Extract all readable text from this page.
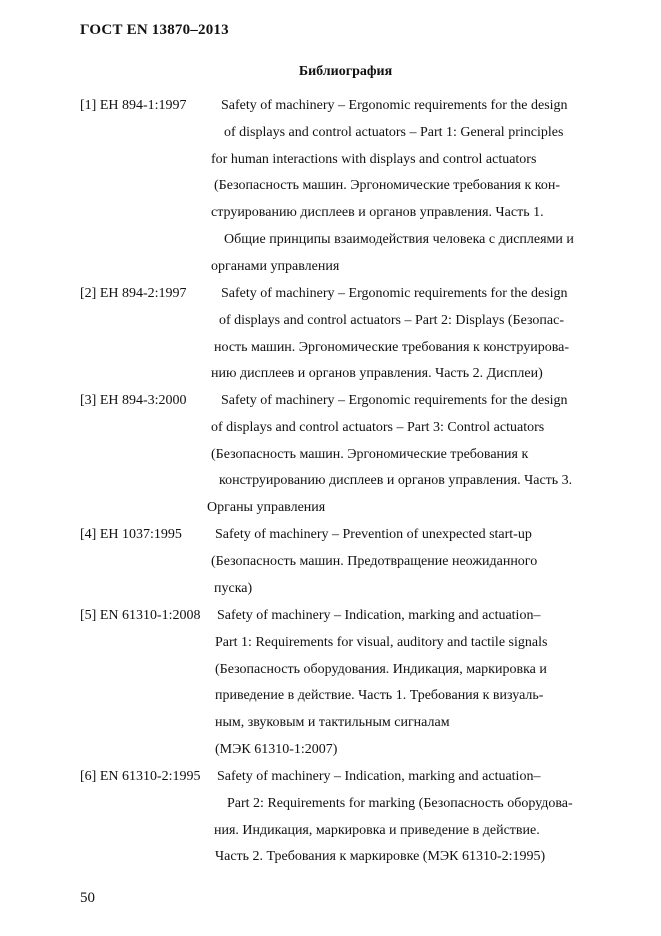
ГОСТ EN 13870–2013
Библиография
[1] EH 894-1:1997 Safety of machinery – Ergonomic requirements for the design
of displays and control actuators – Part 1: General principles
for human interactions with displays and control actuators
(Безопасность машин. Эргономические требования к кон-
струированию дисплеев и органов управления. Часть 1.
Общие принципы взаимодействия человека с дисплеями и
органами управления
[2] EH 894-2:1997 Safety of machinery – Ergonomic requirements for the design
of displays and control actuators – Part 2: Displays (Безопас-
ность машин. Эргономические требования к конструирова-
нию дисплеев и органов управления. Часть 2. Дисплеи)
[3] EH 894-3:2000 Safety of machinery – Ergonomic requirements for the design
of displays and control actuators – Part 3: Control actuators
(Безопасность машин. Эргономические требования к
конструированию дисплеев и органов управления. Часть 3.
Органы управления
[4] EH 1037:1995 Safety of machinery – Prevention of unexpected start-up
(Безопасность машин. Предотвращение неожиданного
пуска)
[5] EN 61310-1:2008 Safety of machinery – Indication, marking and actuation–
Part 1: Requirements for visual, auditory and tactile signals
(Безопасность оборудования. Индикация, маркировка и
приведение в действие. Часть 1. Требования к визуаль-
ным, звуковым и тактильным сигналам
(МЭК 61310-1:2007)
[6] EN 61310-2:1995 Safety of machinery – Indication, marking and actuation–
Part 2: Requirements for marking (Безопасность оборудова-
ния. Индикация, маркировка и приведение в действие.
Часть 2. Требования к маркировке (МЭК 61310-2:1995)
50
